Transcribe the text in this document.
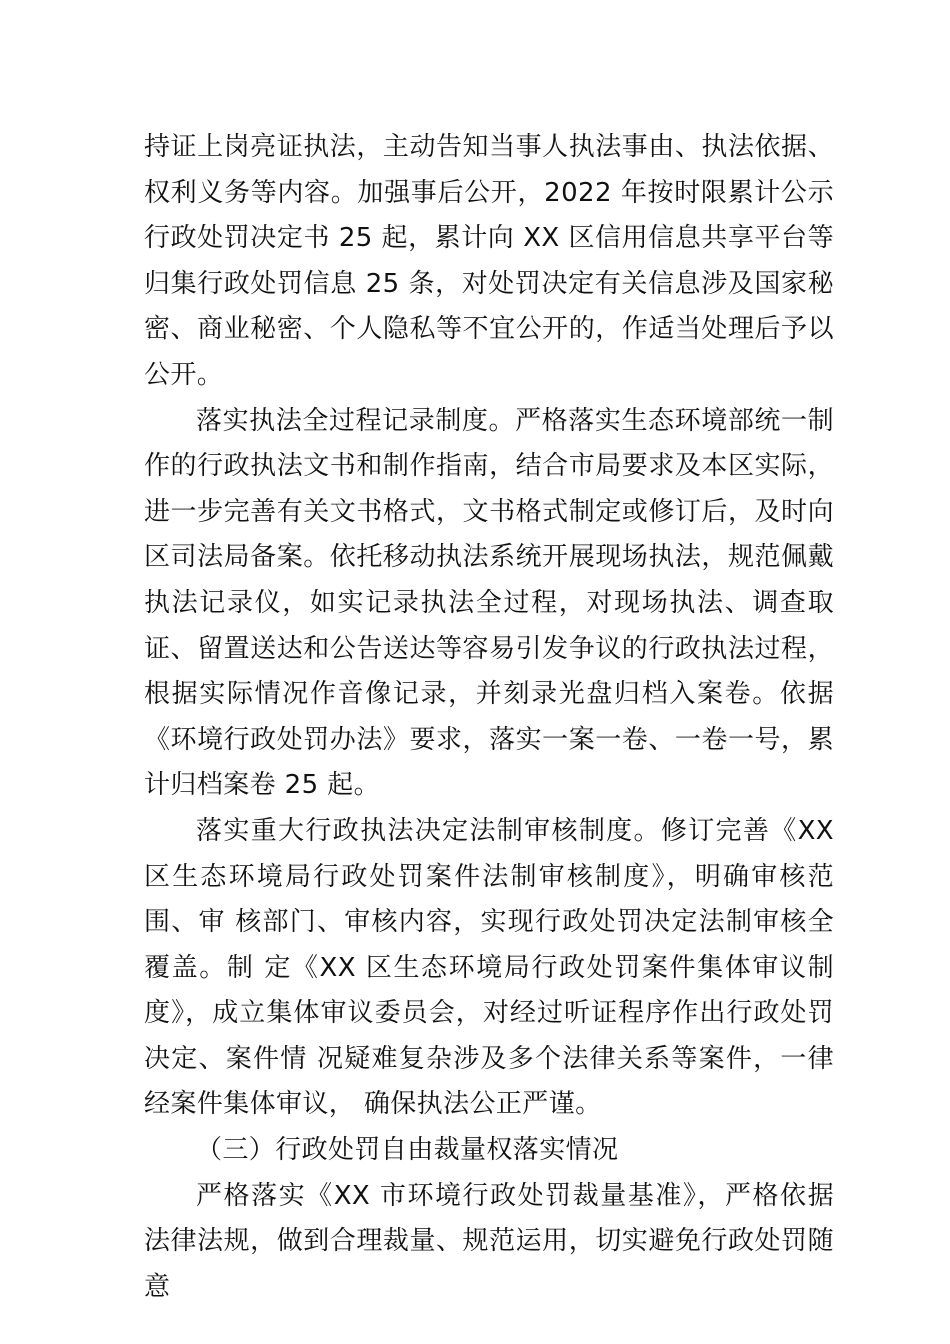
持证上岗亮证执法，主动告知当事人执法事由、执法依据、 权利义务等内容。加强事后公开，2022 年按时限累计公示行政处罚决定书 25 起，累计向 XX 区信用信息共享平台等归集行政处罚信息 25 条，对处罚决定有关信息涉及国家秘密、商业秘密、个人隐私等不宜公开的，作适当处理后予以公开。

落实执法全过程记录制度。严格落实生态环境部统一制作的行政执法文书和制作指南，结合市局要求及本区实际， 进一步完善有关文书格式，文书格式制定或修订后，及时向区司法局备案。依托移动执法系统开展现场执法，规范佩戴执法记录仪，如实记录执法全过程，对现场执法、调查取证、留置送达和公告送达等容易引发争议的行政执法过程，根据实际情况作音像记录，并刻录光盘归档入案卷。依据《环境行政处罚办法》要求，落实一案一卷、一卷一号，累计归档案卷 25 起。

落实重大行政执法决定法制审核制度。修订完善《XX 区生态环境局行政处罚案件法制审核制度》，明确审核范围、审 核部门、审核内容，实现行政处罚决定法制审核全覆盖。制 定《XX 区生态环境局行政处罚案件集体审议制度》，成立集体审议委员会，对经过听证程序作出行政处罚决定、案件情 况疑难复杂涉及多个法律关系等案件，一律经案件集体审议， 确保执法公正严谨。

（三）行政处罚自由裁量权落实情况

严格落实《XX 市环境行政处罚裁量基准》，严格依据法律法规，做到合理裁量、规范运用，切实避免行政处罚随意
